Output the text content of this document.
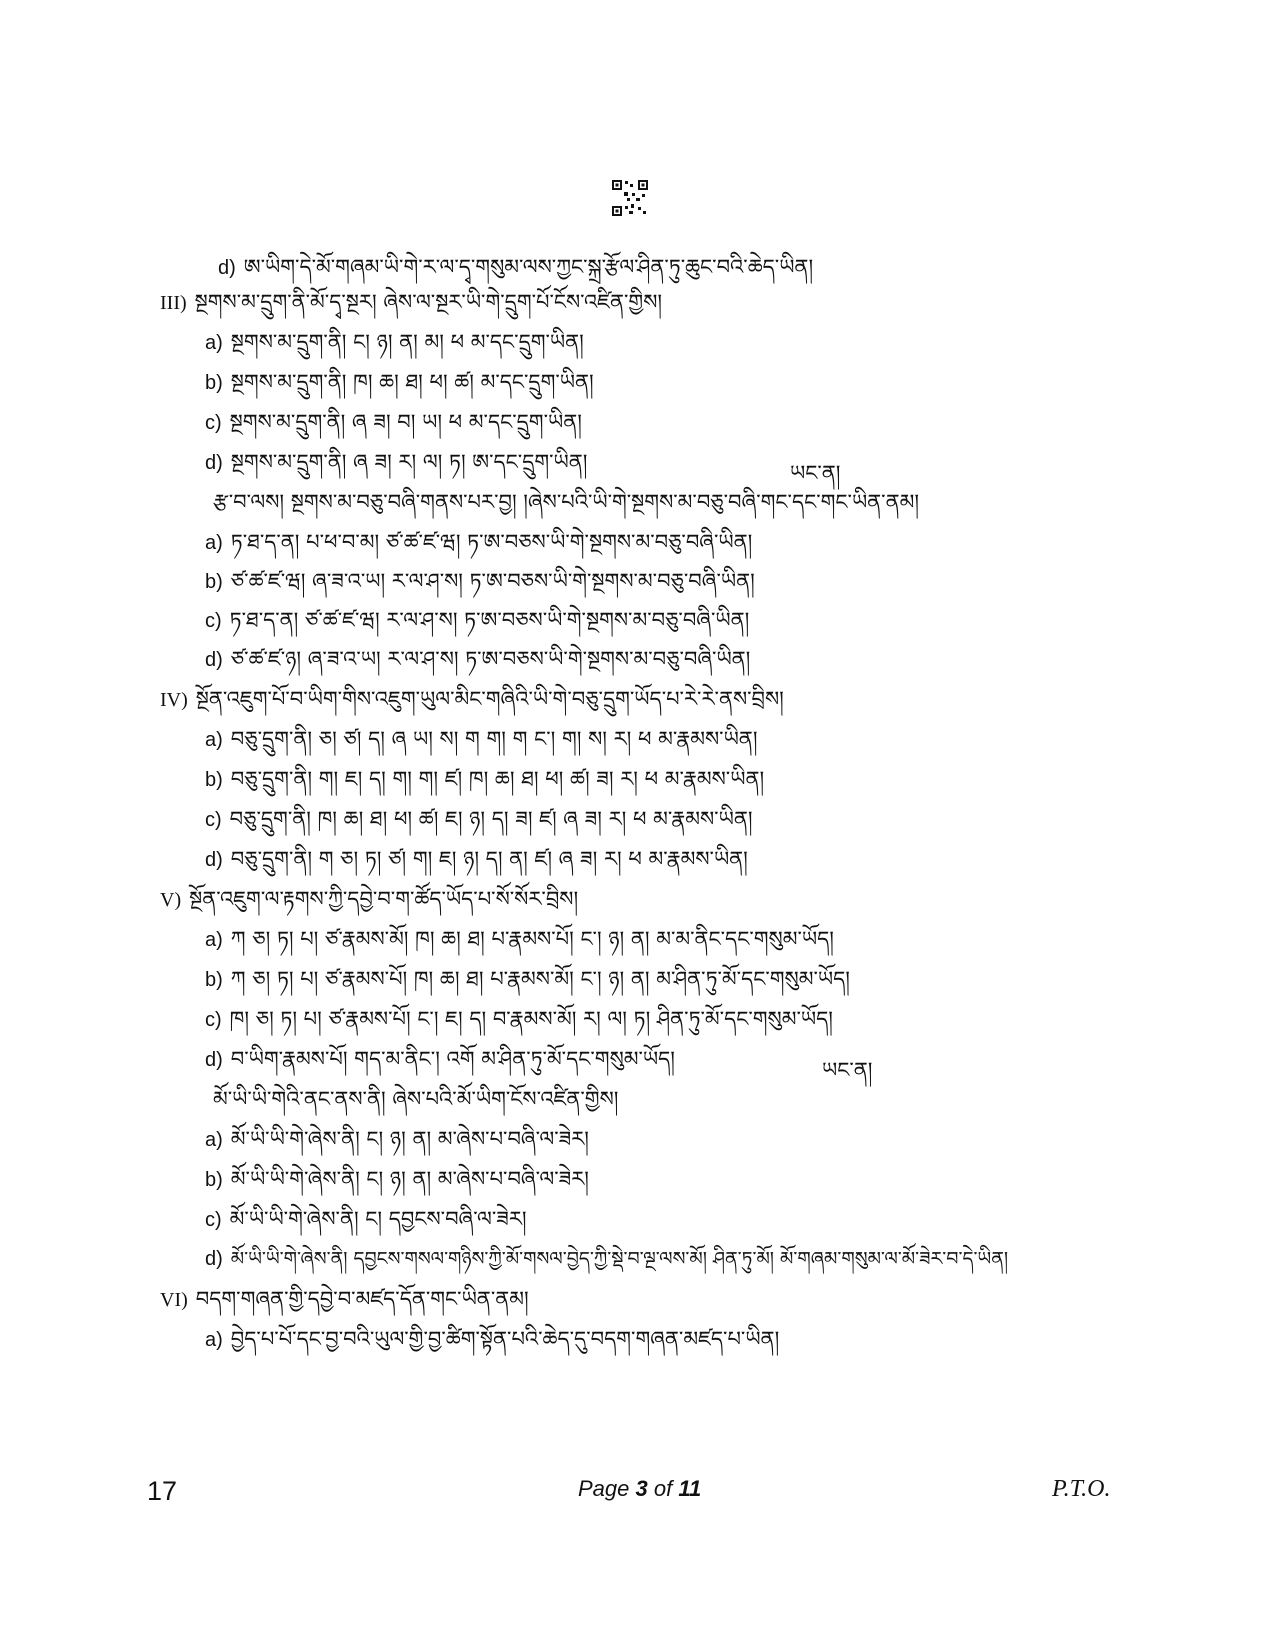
d) ཨ་ཡིག་དེ་མོ་གཞམ་ཡི་གེ་ར་ལ་དྭ་གསུམ་ལས་ཀྱང་སྐྲ་རྩོལ་ཤིན་ཏུ་ཆུང་བའི་ཆེད་ཡིན།
III) སྔགས་མ་དྲུག་ནི་མོ་དྭ་སྔར། ཞེས་ལ་སྔར་ཡི་གེ་དྲུག་པོ་ངོས་འཛིན་གྱིས།
a) སྔགས་མ་དྲུག་ནི། ང། ཉ། ན། མ། ཕ མ་དང་དྲུག་ཡིན།
b) སྔགས་མ་དྲུག་ནི། ཁ། ཆ། ཐ། ཕ། ཚ། མ་དང་དྲུག་ཡིན།
c) སྔགས་མ་དྲུག་ནི། ཞ ཟ། བ། ཡ། ཕ མ་དང་དྲུག་ཡིན།
d) སྔགས་མ་དྲུག་ནི། ཞ ཟ། ར། ལ། ཏ། ཨ་དང་དྲུག་ཡིན།	ཡང་ན།
རྩ་བ་ལས། སྔགས་མ་བཅུ་བཞི་གནས་པར་བྱ། །ཞེས་པའི་ཡི་གེ་སྔགས་མ་བཅུ་བཞི་གང་དང་གང་ཡིན་ནམ།
a) ཏ་ཐ་ད་ན། པ་ཕ་བ་མ། ཙ་ཚ་ཛ་ཝ། ཏ་ཨ་བཅས་ཡི་གེ་སྔགས་མ་བཅུ་བཞི་ཡིན།
b) ཙ་ཚ་ཛ་ཝ། ཞ་ཟ་འ་ཡ། ར་ལ་ཤ་ས། ཏ་ཨ་བཅས་ཡི་གེ་སྔགས་མ་བཅུ་བཞི་ཡིན།
c) ཏ་ཐ་ད་ན། ཙ་ཚ་ཛ་ཝ། ར་ལ་ཤ་ས། ཏ་ཨ་བཅས་ཡི་གེ་སྔགས་མ་བཅུ་བཞི་ཡིན།
d) ཙ་ཚ་ཛ་ཉ། ཞ་ཟ་འ་ཡ། ར་ལ་ཤ་ས། ཏ་ཨ་བཅས་ཡི་གེ་སྔགས་མ་བཅུ་བཞི་ཡིན།
IV) སྔོན་འཇུག་པོ་བ་ཡིག་གིས་འཇུག་ཡུལ་མིང་གཞིའི་ཡི་གེ་བཅུ་དྲུག་ཡོད་པ་རེ་རེ་ནས་བྲིས།
a) བཅུ་དྲུག་ནི། ཅ། ཙ། ད། ཞ ཡ། ས། ག ག། ག ང་། ག། ས། ར། ཕ མ་རྣམས་ཡིན།
b) བཅུ་དྲུག་ནི། ག། ཇ། ད། ག། ག། ཛ། ཁ། ཆ། ཐ། ཕ། ཚ། ཟ། ར། ཕ མ་རྣམས་ཡིན།
c) བཅུ་དྲུག་ནི། ཁ། ཆ། ཐ། ཕ། ཚ། ཇ། ཉ། ད། ཟ། ཛ། ཞ ཟ། ར། ཕ མ་རྣམས་ཡིན།
d) བཅུ་དྲུག་ནི། ག ཅ། ཏ། ཙ། ག། ཇ། ཉ། ད། ན། ཛ། ཞ ཟ། ར། ཕ མ་རྣམས་ཡིན།
V) སྔོན་འཇུག་ལ་རྟགས་ཀྱི་དབྱེ་བ་ག་ཚོད་ཡོད་པ་སོ་སོར་བྲིས།
a) ཀ ཅ། ཏ། པ། ཙ་རྣམས་མོ། ཁ། ཆ། ཐ། པ་རྣམས་པོ། ང་། ཉ། ན། མ་མ་ནིང་དང་གསུམ་ཡོད།
b) ཀ ཅ། ཏ། པ། ཙ་རྣམས་པོ། ཁ། ཆ། ཐ། པ་རྣམས་མོ། ང་། ཉ། ན། མ་ཤིན་ཏུ་མོ་དང་གསུམ་ཡོད།
c) ཁ། ཅ། ཏ། པ། ཙ་རྣམས་པོ། ང་། ཇ། ད། བ་རྣམས་མོ། ར། ལ། ཏ། ཤིན་ཏུ་མོ་དང་གསུམ་ཡོད།
d) བ་ཡིག་རྣམས་པོ། གད་མ་ནིང་། འགོ མ་ཤིན་ཏུ་མོ་དང་གསུམ་ཡོད།	ཡང་ན།
མོ་ཡི་ཡི་གེའི་ནང་ནས་ནི། ཞེས་པའི་མོ་ཡིག་ངོས་འཛིན་གྱིས།
a) མོ་ཡི་ཡི་གེ་ཞེས་ནི། ང། ཉ། ན། མ་ཞེས་པ་བཞི་ལ་ཟེར།
b) མོ་ཡི་ཡི་གེ་ཞེས་ནི། ང། ཉ། ན། མ་ཞེས་པ་བཞི་ལ་ཟེར།
c) མོ་ཡི་ཡི་གེ་ཞེས་ནི། ང། དབྱངས་བཞི་ལ་ཟེར།
d) མོ་ཡི་ཡི་གེ་ཞེས་ནི། དབྱངས་གསལ་གཉིས་ཀྱི་མོ་གསལ་བྱེད་ཀྱི་སྡེ་བ་ལྔ་ལས་མོ། ཤིན་ཏུ་མོ། མོ་གཞམ་གསུམ་ལ་མོ་ཟེར་བ་དེ་ཡིན།
VI) བདག་གཞན་གྱི་དབྱེ་བ་མཛད་དོན་གང་ཡིན་ནམ།
a) བྱེད་པ་པོ་དང་བྱ་བའི་ཡུལ་གྱི་བྱ་ཚིག་སྟོན་པའི་ཆེད་དུ་བདག་གཞན་མཛད་པ་ཡིན།
17	Page 3 of 11	P.T.O.
